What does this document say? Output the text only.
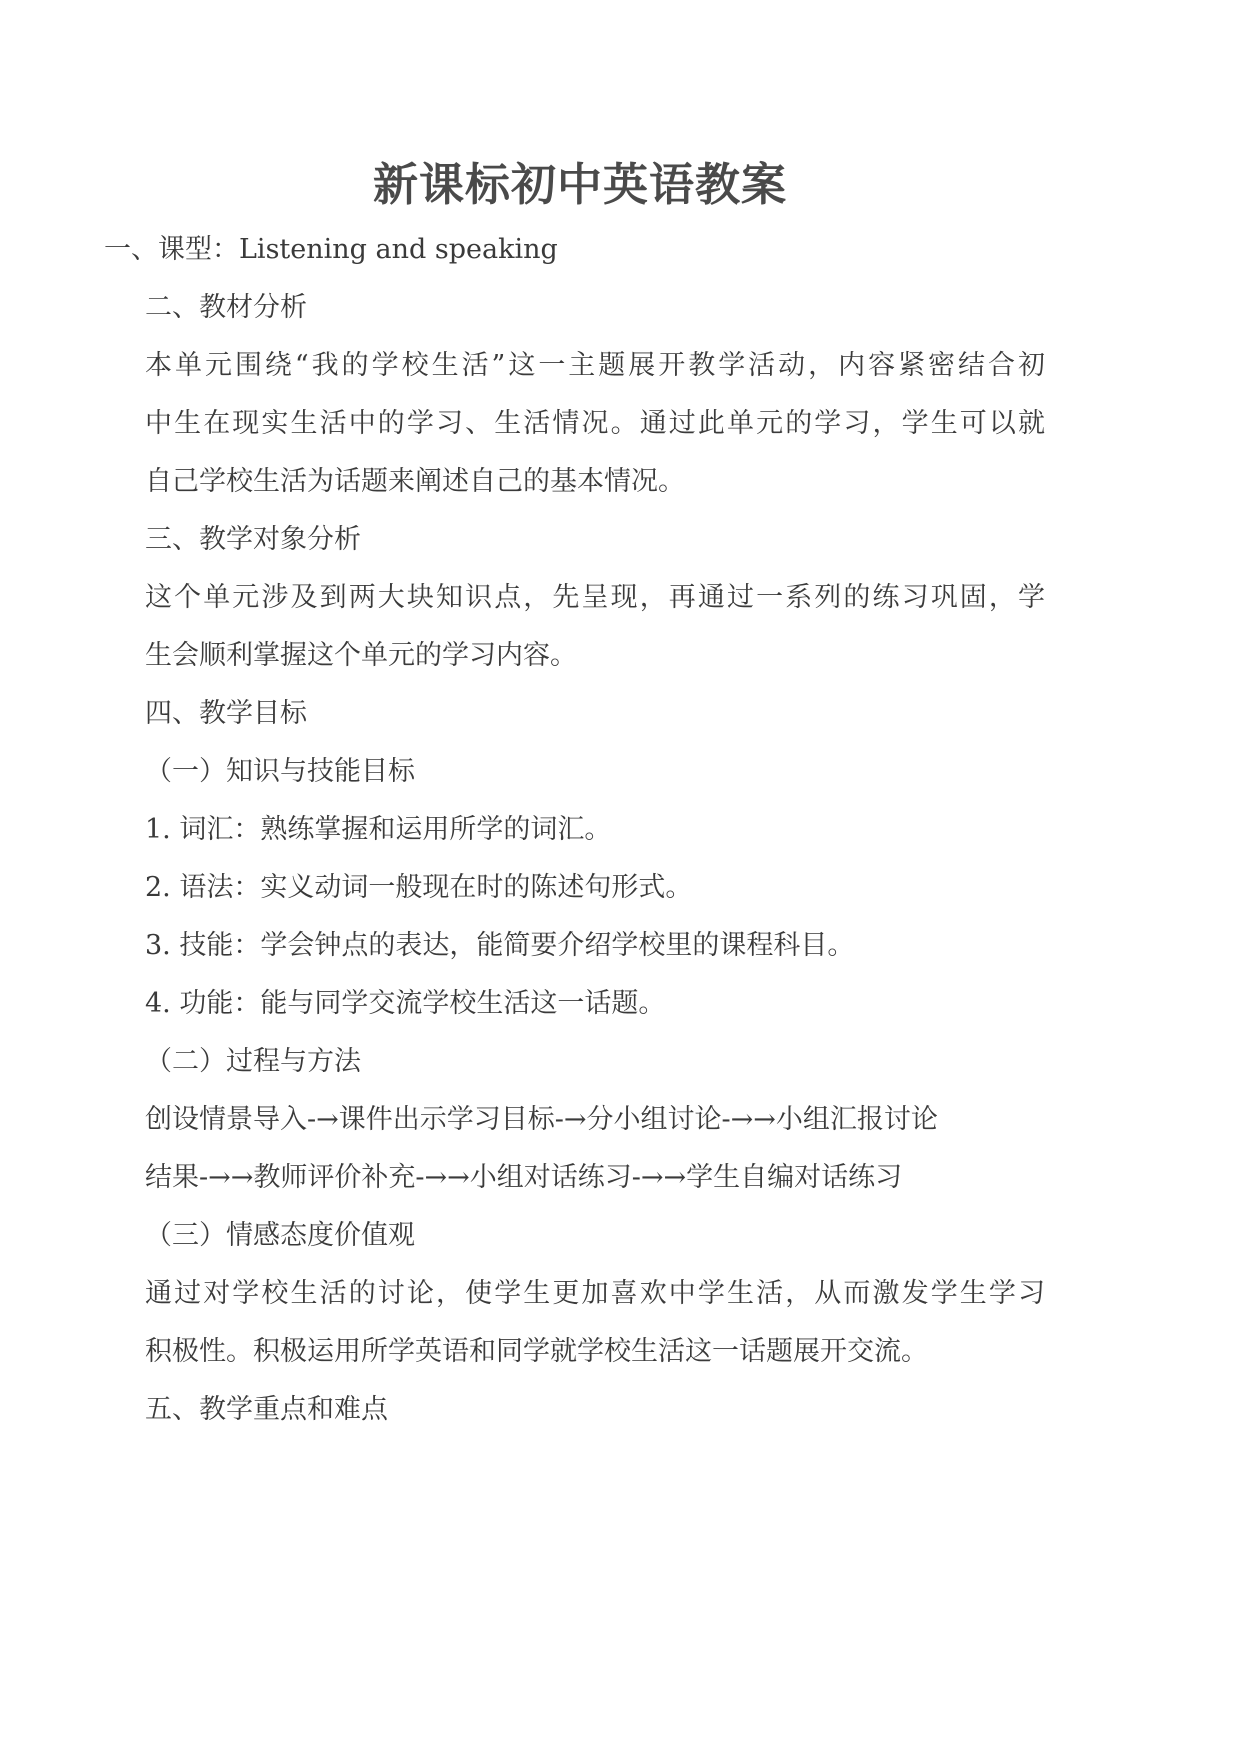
新课标初中英语教案
一、课型：Listening and speaking
二、教材分析
本单元围绕“我的学校生活”这一主题展开教学活动，内容紧密结合初
中生在现实生活中的学习、生活情况。通过此单元的学习，学生可以就
自己学校生活为话题来阐述自己的基本情况。
三、教学对象分析
这个单元涉及到两大块知识点，先呈现，再通过一系列的练习巩固，学
生会顺利掌握这个单元的学习内容。
四、教学目标
（一）知识与技能目标
1. 词汇：熟练掌握和运用所学的词汇。
2. 语法：实义动词一般现在时的陈述句形式。
3. 技能：学会钟点的表达，能简要介绍学校里的课程科目。
4. 功能：能与同学交流学校生活这一话题。
（二）过程与方法
创设情景导入-→课件出示学习目标-→分小组讨论-→→小组汇报讨论
结果-→→教师评价补充-→→小组对话练习-→→学生自编对话练习
（三）情感态度价值观
通过对学校生活的讨论，使学生更加喜欢中学生活，从而激发学生学习
积极性。积极运用所学英语和同学就学校生活这一话题展开交流。
五、教学重点和难点
